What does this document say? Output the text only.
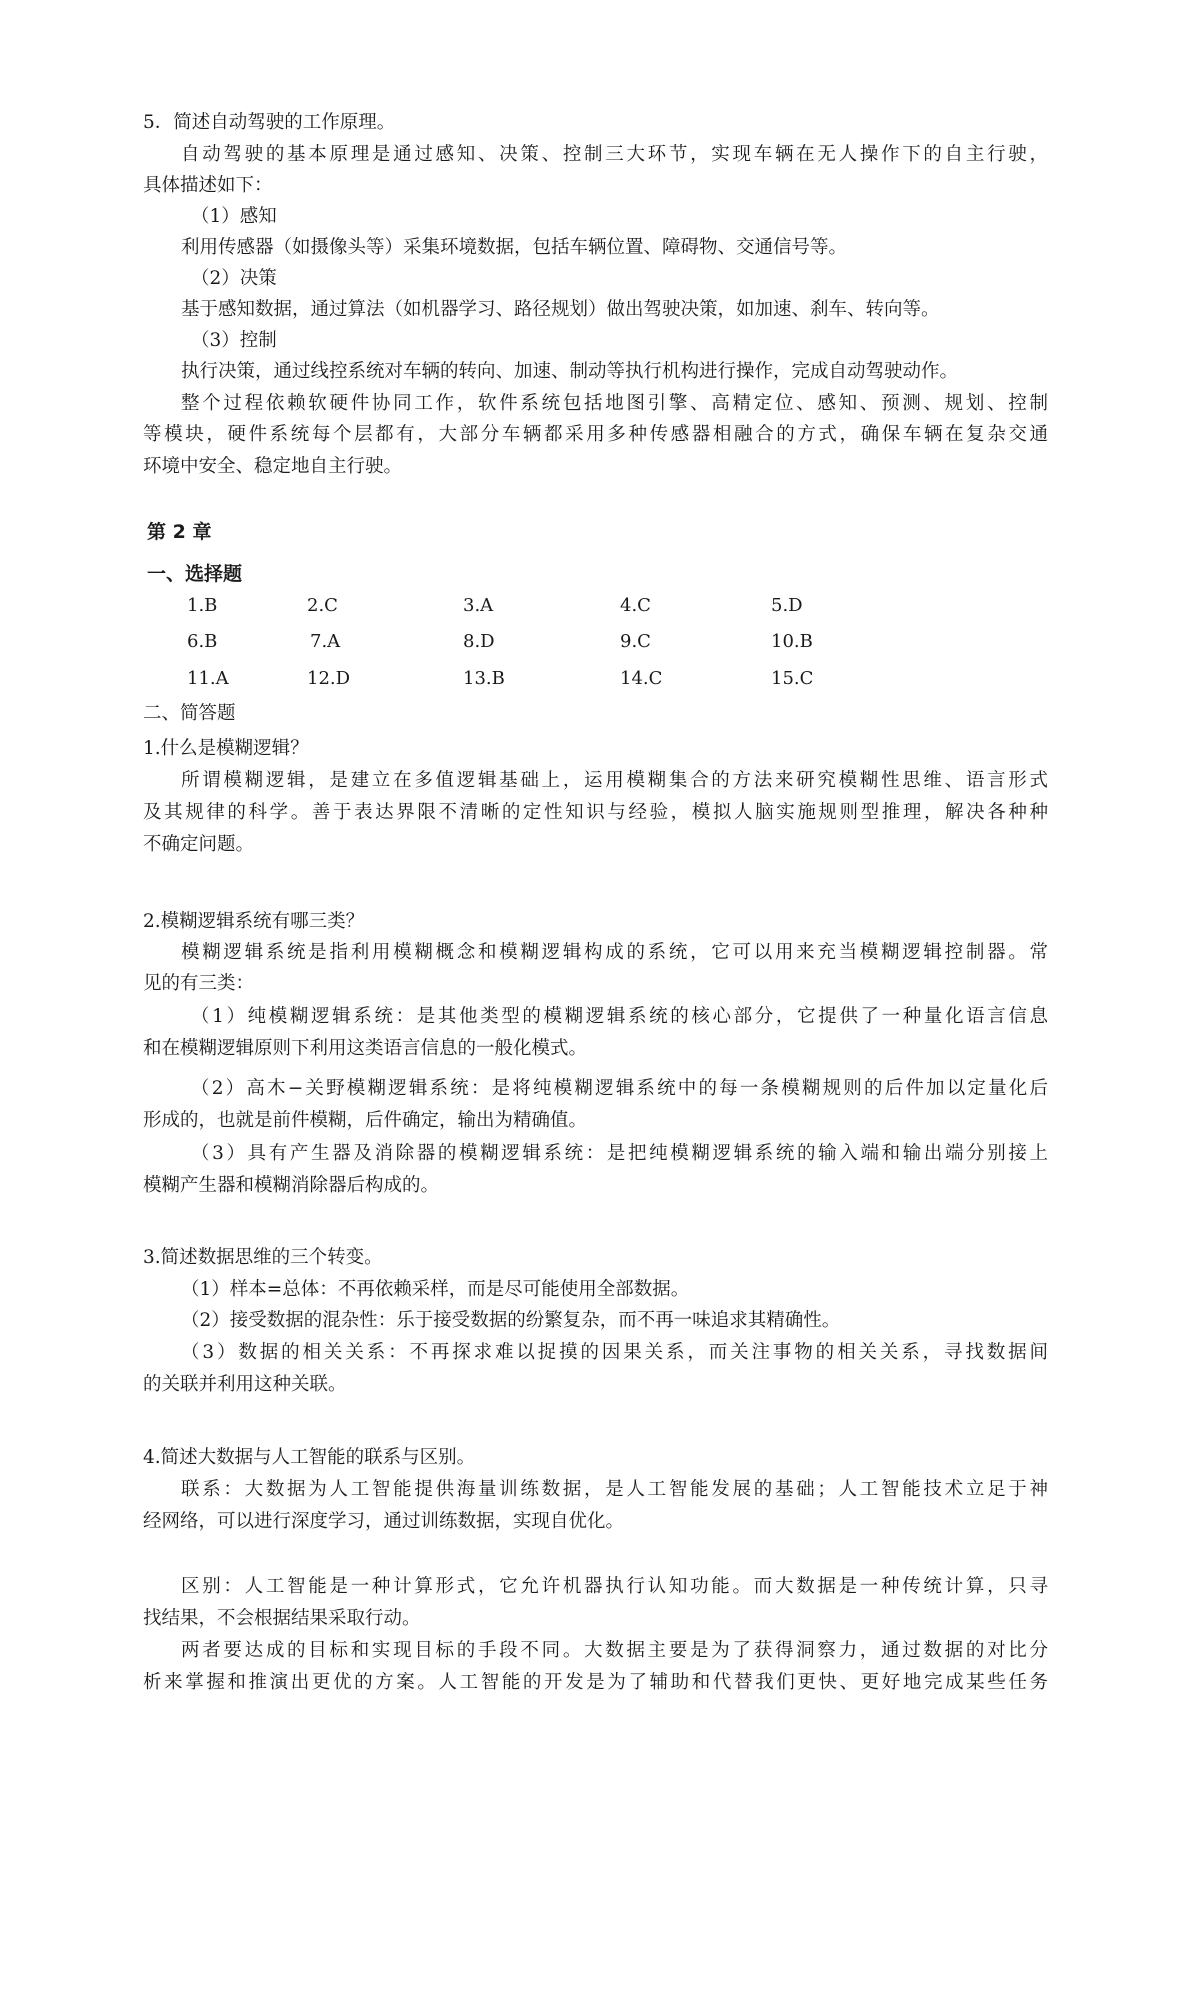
5．简述自动驾驶的工作原理。
自动驾驶的基本原理是通过感知、决策、控制三大环节，实现车辆在无人操作下的自主行驶，
具体描述如下：
（1）感知
利用传感器（如摄像头等）采集环境数据，包括车辆位置、障碍物、交通信号等。
（2）决策
基于感知数据，通过算法（如机器学习、路径规划）做出驾驶决策，如加速、刹车、转向等。
（3）控制
执行决策，通过线控系统对车辆的转向、加速、制动等执行机构进行操作，完成自动驾驶动作。
整个过程依赖软硬件协同工作，软件系统包括地图引擎、高精定位、感知、预测、规划、控制
等模块，硬件系统每个层都有，大部分车辆都采用多种传感器相融合的方式，确保车辆在复杂交通
环境中安全、稳定地自主行驶。
第 2 章
一、选择题
1.B	2.C	3.A	4.C	5.D
6.B	7.A	8.D	9.C	10.B
11.A	12.D	13.B	14.C	15.C
二、简答题
1.什么是模糊逻辑？
所谓模糊逻辑，是建立在多值逻辑基础上，运用模糊集合的方法来研究模糊性思维、语言形式
及其规律的科学。善于表达界限不清晰的定性知识与经验，模拟人脑实施规则型推理，解决各种种
不确定问题。
2.模糊逻辑系统有哪三类？
模糊逻辑系统是指利用模糊概念和模糊逻辑构成的系统，它可以用来充当模糊逻辑控制器。常
见的有三类：
（1）纯模糊逻辑系统：是其他类型的模糊逻辑系统的核心部分，它提供了一种量化语言信息
和在模糊逻辑原则下利用这类语言信息的一般化模式。
（2）高木−关野模糊逻辑系统：是将纯模糊逻辑系统中的每一条模糊规则的后件加以定量化后
形成的，也就是前件模糊，后件确定，输出为精确值。
（3）具有产生器及消除器的模糊逻辑系统：是把纯模糊逻辑系统的输入端和输出端分别接上
模糊产生器和模糊消除器后构成的。
3.简述数据思维的三个转变。
（1）样本=总体：不再依赖采样，而是尽可能使用全部数据。
（2）接受数据的混杂性：乐于接受数据的纷繁复杂，而不再一味追求其精确性。
（3）数据的相关关系：不再探求难以捉摸的因果关系，而关注事物的相关关系，寻找数据间
的关联并利用这种关联。
4.简述大数据与人工智能的联系与区别。
联系：大数据为人工智能提供海量训练数据，是人工智能发展的基础；人工智能技术立足于神
经网络，可以进行深度学习，通过训练数据，实现自优化。
区别：人工智能是一种计算形式，它允许机器执行认知功能。而大数据是一种传统计算，只寻
找结果，不会根据结果采取行动。
两者要达成的目标和实现目标的手段不同。大数据主要是为了获得洞察力，通过数据的对比分
析来掌握和推演出更优的方案。人工智能的开发是为了辅助和代替我们更快、更好地完成某些任务
